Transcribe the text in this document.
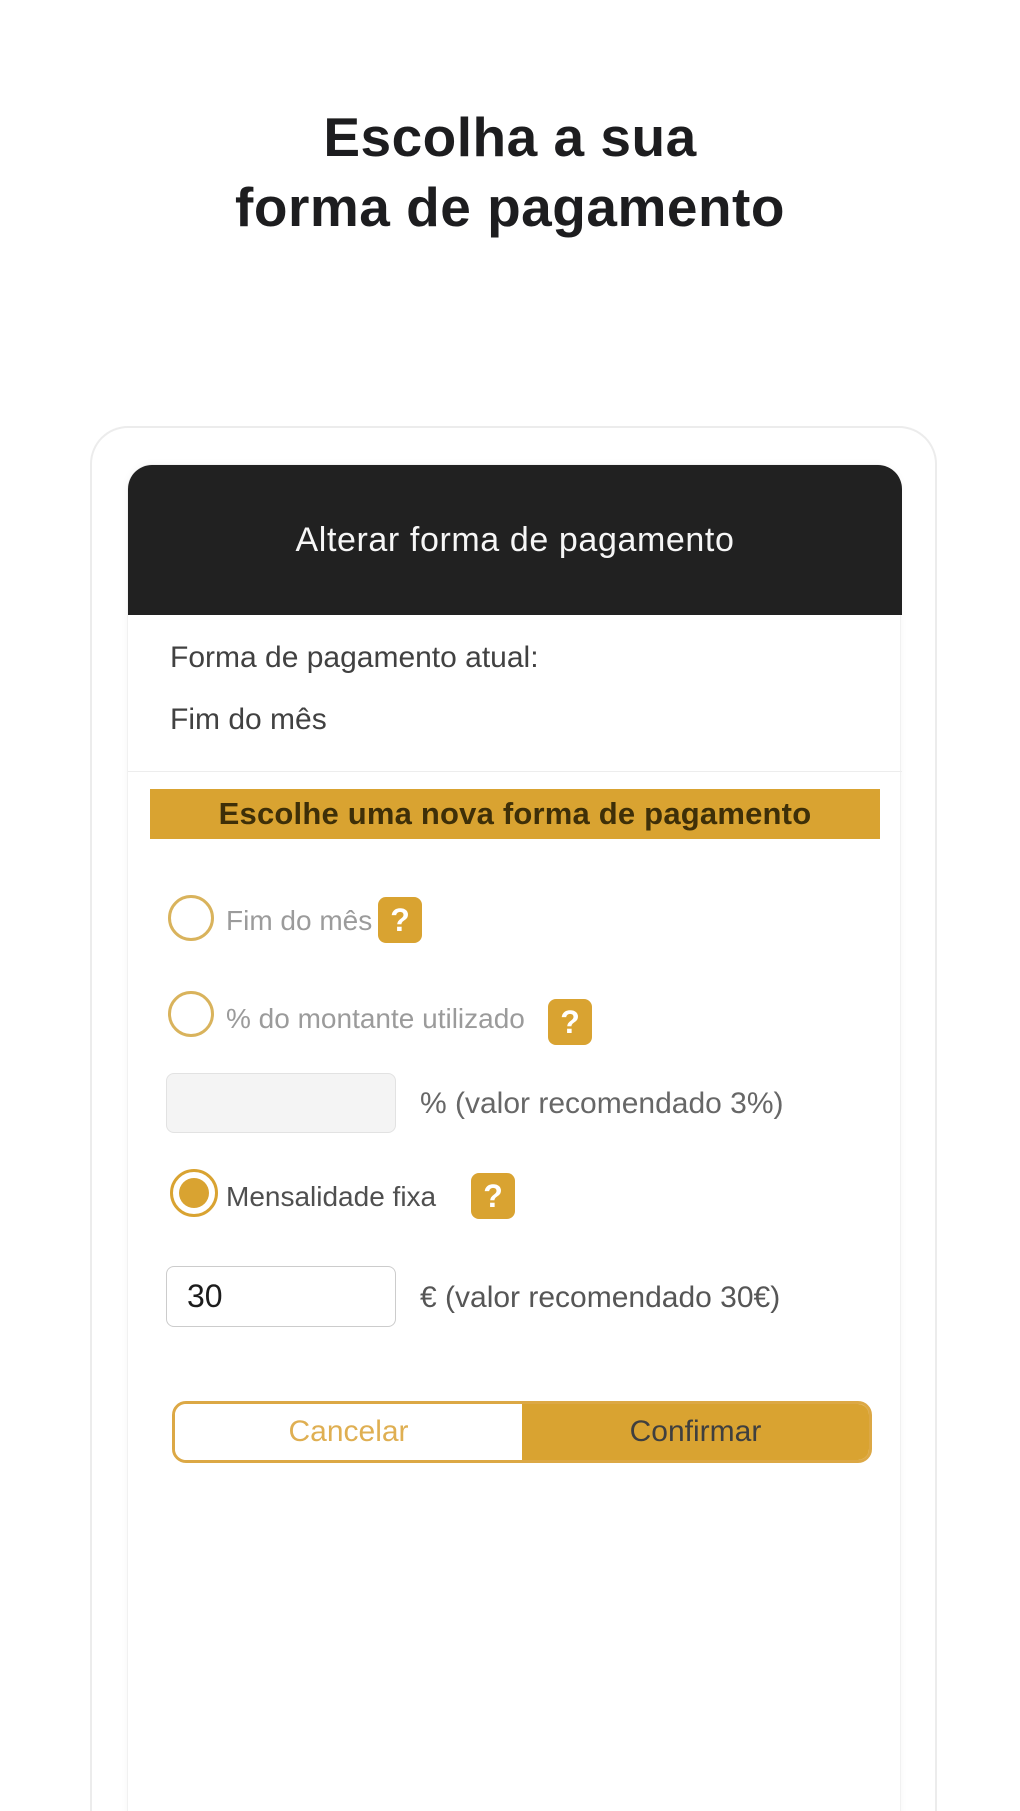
Escolha a sua
forma de pagamento
Alterar forma de pagamento
Forma de pagamento atual:
Fim do mês
Escolhe uma nova forma de pagamento
Fim do mês ?
% do montante utilizado	?
% (valor recomendado 3%)
Mensalidade fixa	?
30
€ (valor recomendado 30€)
Cancelar	Confirmar
